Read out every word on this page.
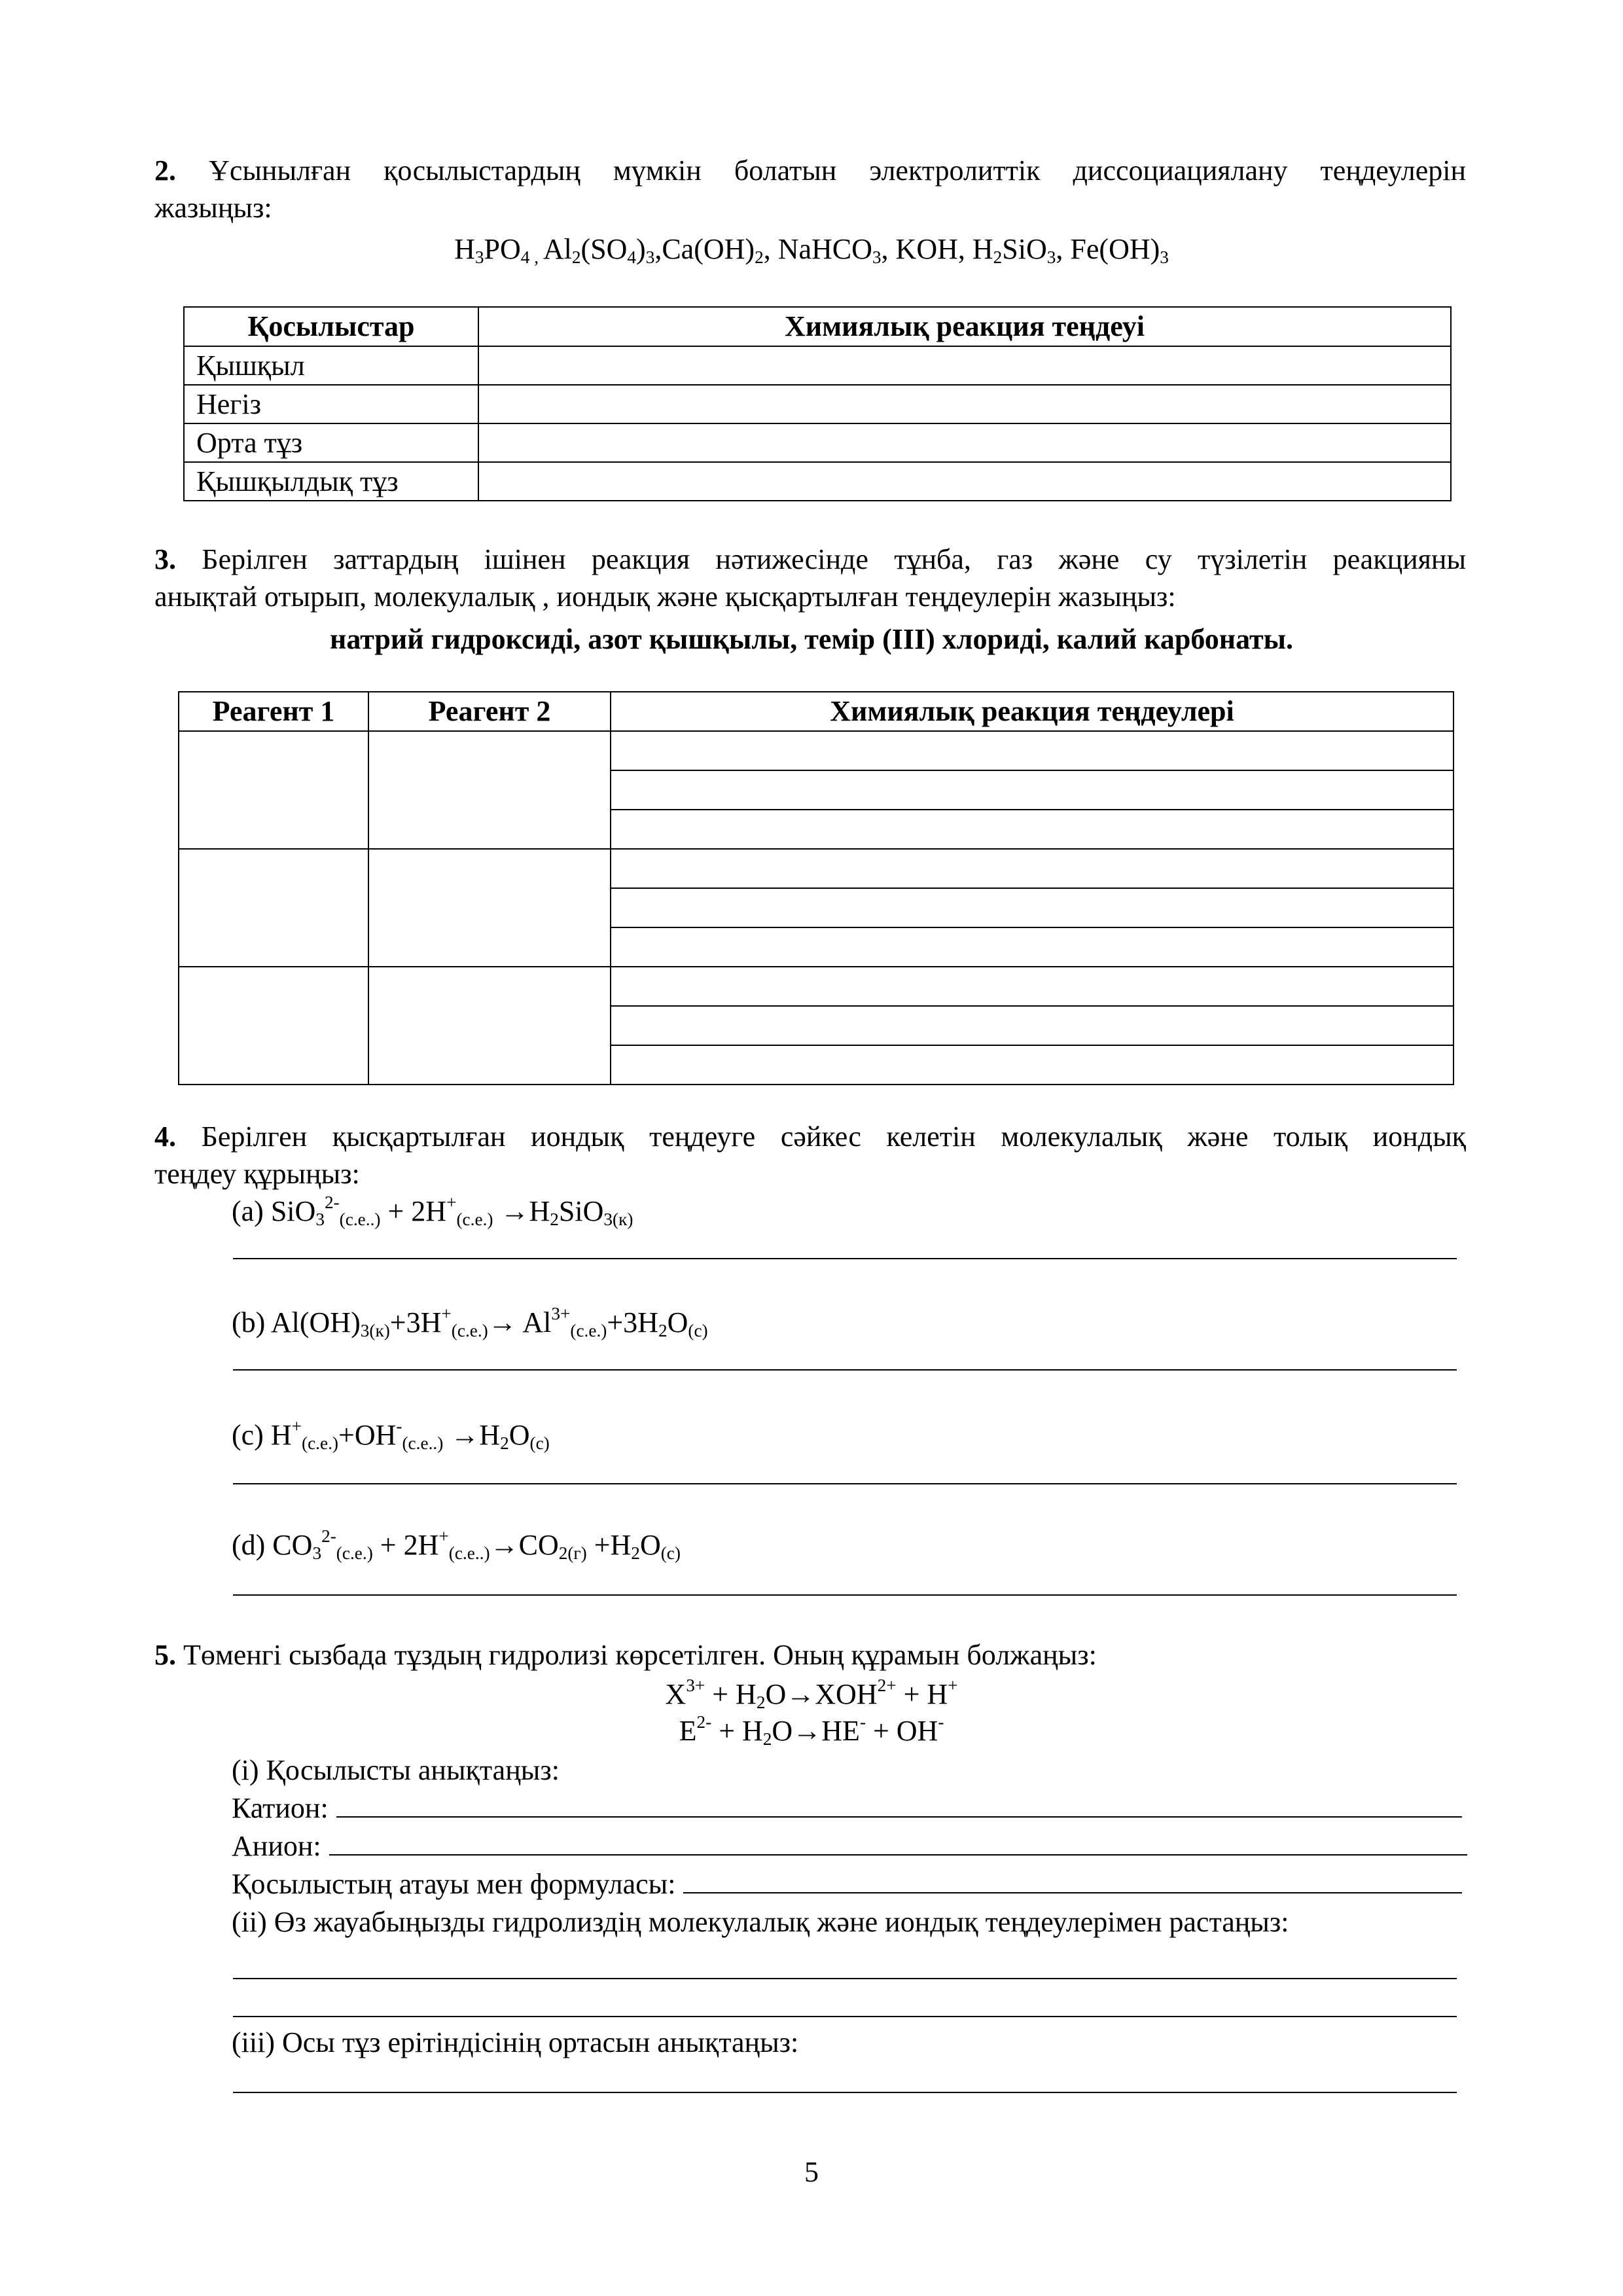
2. Ұсынылған қосылыстардың мүмкін болатын электролиттік диссоциациялану теңдеулерін

жазыңыз:

$H_3PO_{4 ,}$ $Al_2(SO_4)_3,Ca(OH)_2$, NaHCO$_3$, KOH, $H_2SiO_3$, $Fe(OH)_3$
Қосылыстар	Химиялық реакция теңдеуі
Қышқыл	
Негіз	
Орта тұз	
Қышқылдық тұз	

3. Берілген заттардың ішінен реакция нәтижесінде тұнба, газ және су түзілетін реакцияны

анықтай отырып, молекулалық , иондық және қысқартылған теңдеулерін жазыңыз:

натрий гидроксиді, азот қышқылы, темір (ІІІ) хлориді, калий карбонаты.
Реагент 1	Реагент 2	Химиялық реакция теңдеулері

4. Берілген қысқартылған иондық теңдеуге сәйкес келетін молекулалық және толық иондық

теңдеу құрыңыз:

(a) $SiO_3^{2-}_{(с.е..)} + 2H^+_{(с.е.)} \to H_2SiO_{3(к)}$
(b) $Al(OH)_{3(к)}+3H^+_{(с.е.)}\to Al^{3+}_{(с.е.)}+3H_2O_{(с)}$
(c) $H^+_{(с.е.)}+OH^-_{(с.е..)} \to H_2O_{(с)}$
(d) $CO_3^{2-}_{(с.е.)} + 2H^+_{(с.е..)}\to CO_{2(г)} +H_2O_{(с)}$
5. Төменгі сызбада тұздың гидролизі көрсетілген. Оның құрамын болжаңыз:
$X^{3+} + H_2O\to XOH^{2+} + H^+$
$E^{2-} + H_2O\to HE^- + OH^-$
(i) Қосылысты анықтаңыз:
Катион:
Анион:
Қосылыстың атауы мен формуласы:
(ii) Өз жауабыңызды гидролиздің молекулалық және иондық теңдеулерімен растаңыз:
(iii) Осы тұз ерітіндісінің ортасын анықтаңыз:
5
